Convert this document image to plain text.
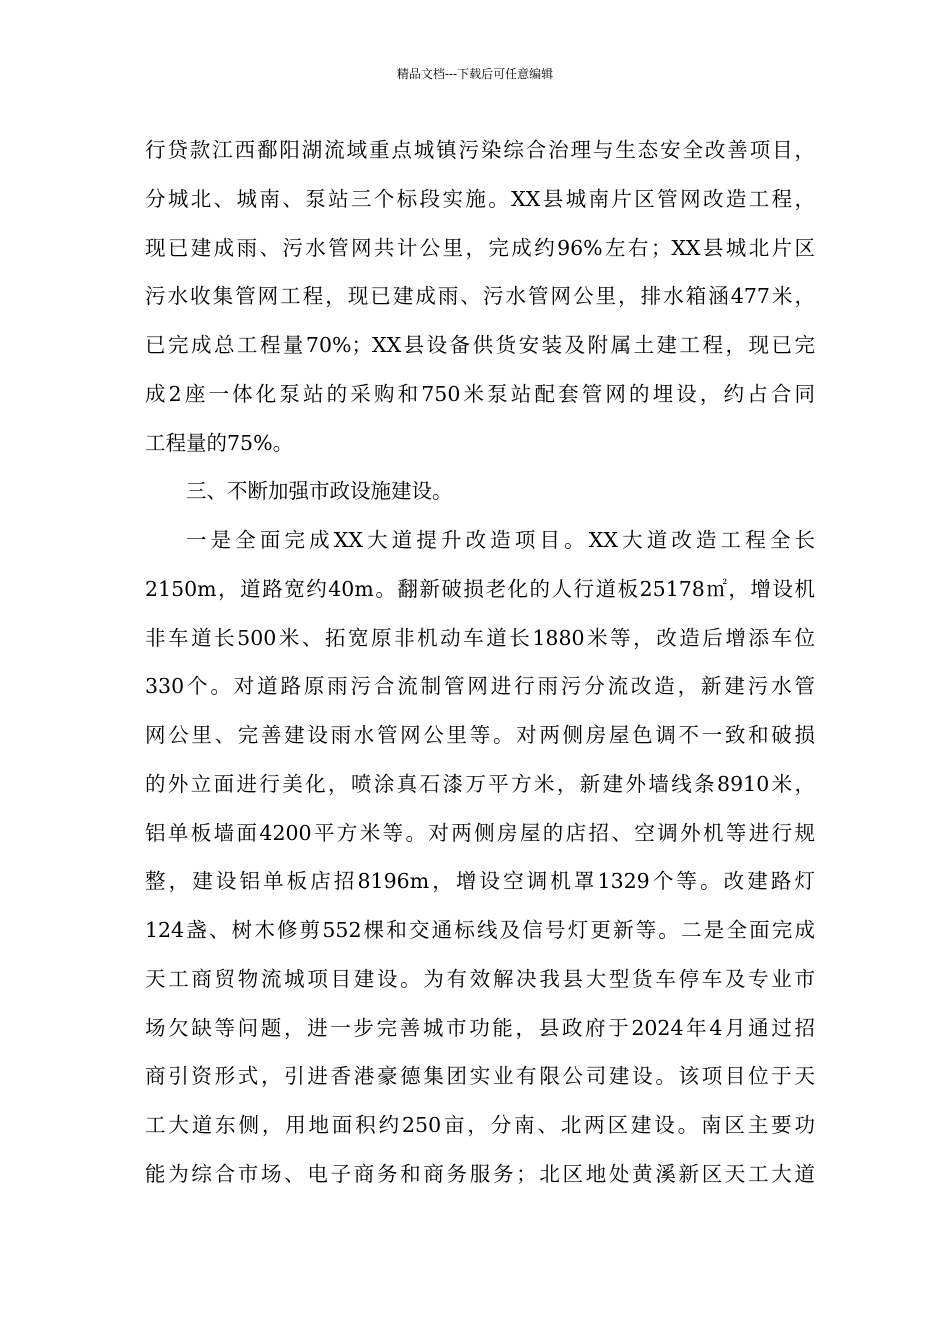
精品文档---下载后可任意编辑
行贷款江西鄱阳湖流域重点城镇污染综合治理与生态安全改善项目，
分城北、城南、泵站三个标段实施。XX县城南片区管网改造工程，
现已建成雨、污水管网共计公里，完成约96%左右；XX县城北片区
污水收集管网工程，现已建成雨、污水管网公里，排水箱涵477米，
已完成总工程量70%；XX县设备供货安装及附属土建工程，现已完
成2座一体化泵站的采购和750米泵站配套管网的埋设，约占合同
工程量的75%。
三、不断加强市政设施建设。
一是全面完成XX大道提升改造项目。XX大道改造工程全长
2150m，道路宽约40m。翻新破损老化的人行道板25178㎡，增设机
非车道长500米、拓宽原非机动车道长1880米等，改造后增添车位
330个。对道路原雨污合流制管网进行雨污分流改造，新建污水管
网公里、完善建设雨水管网公里等。对两侧房屋色调不一致和破损
的外立面进行美化，喷涂真石漆万平方米，新建外墙线条8910米，
铝单板墙面4200平方米等。对两侧房屋的店招、空调外机等进行规
整，建设铝单板店招8196m，增设空调机罩1329个等。改建路灯
124盏、树木修剪552棵和交通标线及信号灯更新等。二是全面完成
天工商贸物流城项目建设。为有效解决我县大型货车停车及专业市
场欠缺等问题，进一步完善城市功能，县政府于2024年4月通过招
商引资形式，引进香港豪德集团实业有限公司建设。该项目位于天
工大道东侧，用地面积约250亩，分南、北两区建设。南区主要功
能为综合市场、电子商务和商务服务；北区地处黄溪新区天工大道
